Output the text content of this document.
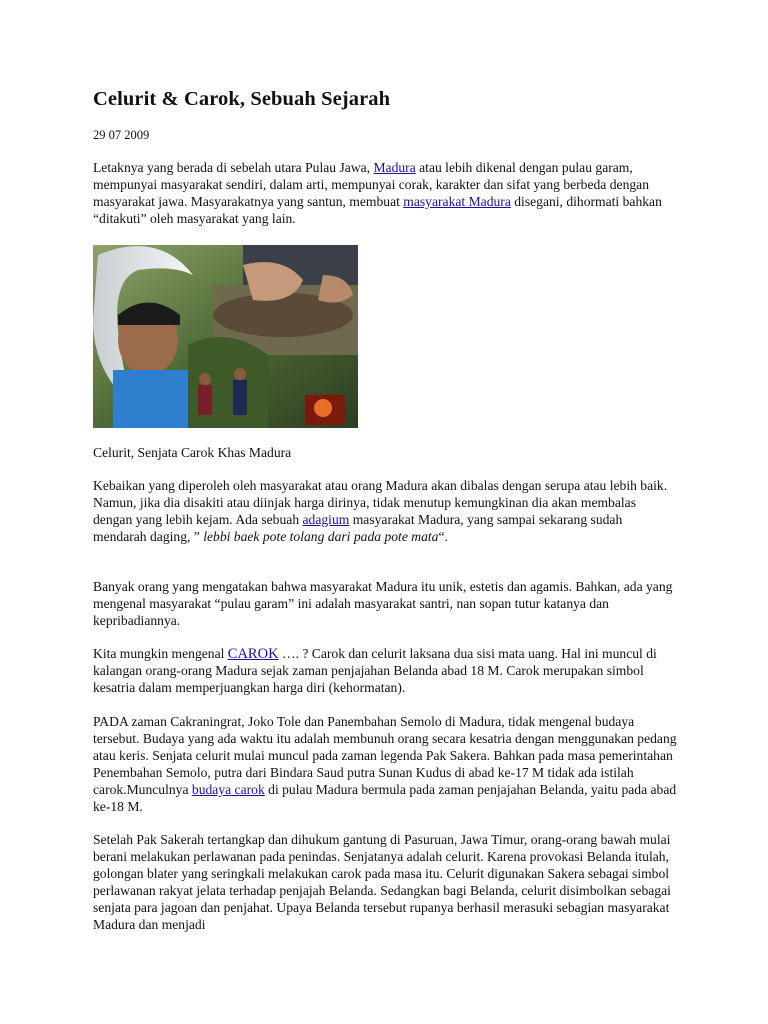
Celurit & Carok, Sebuah Sejarah
29 07 2009

Letaknya yang berada di sebelah utara Pulau Jawa, Madura atau lebih dikenal dengan pulau garam, mempunyai masyarakat sendiri, dalam arti, mempunyai corak, karakter dan sifat yang berbeda dengan masyarakat jawa. Masyarakatnya yang santun, membuat masyarakat Madura disegani, dihormati bahkan “ditakuti” oleh masyarakat yang lain.

Celurit, Senjata Carok Khas Madura

Kebaikan yang diperoleh oleh masyarakat atau orang Madura akan dibalas dengan serupa atau lebih baik. Namun, jika dia disakiti atau diinjak harga dirinya, tidak menutup kemungkinan dia akan membalas dengan yang lebih kejam. Ada sebuah adagium masyarakat Madura, yang sampai sekarang sudah mendarah daging, ” lebbi baek pote tolang dari pada pote mata“.

Banyak orang yang mengatakan bahwa masyarakat Madura itu unik, estetis dan agamis. Bahkan, ada yang mengenal masyarakat “pulau garam” ini adalah masyarakat santri, nan sopan tutur katanya dan kepribadiannya.

Kita mungkin mengenal CAROK …. ? Carok dan celurit laksana dua sisi mata uang. Hal ini muncul di kalangan orang-orang Madura sejak zaman penjajahan Belanda abad 18 M. Carok merupakan simbol kesatria dalam memperjuangkan harga diri (kehormatan).

PADA zaman Cakraningrat, Joko Tole dan Panembahan Semolo di Madura, tidak mengenal budaya tersebut. Budaya yang ada waktu itu adalah membunuh orang secara kesatria dengan menggunakan pedang atau keris. Senjata celurit mulai muncul pada zaman legenda Pak Sakera. Bahkan pada masa pemerintahan Penembahan Semolo, putra dari Bindara Saud putra Sunan Kudus di abad ke-17 M tidak ada istilah carok.Munculnya budaya carok di pulau Madura bermula pada zaman penjajahan Belanda, yaitu pada abad ke-18 M.

Setelah Pak Sakerah tertangkap dan dihukum gantung di Pasuruan, Jawa Timur, orang-orang bawah mulai berani melakukan perlawanan pada penindas. Senjatanya adalah celurit. Karena provokasi Belanda itulah, golongan blater yang seringkali melakukan carok pada masa itu. Celurit digunakan Sakera sebagai simbol perlawanan rakyat jelata terhadap penjajah Belanda. Sedangkan bagi Belanda, celurit disimbolkan sebagai senjata para jagoan dan penjahat. Upaya Belanda tersebut rupanya berhasil merasuki sebagian masyarakat Madura dan menjadi
